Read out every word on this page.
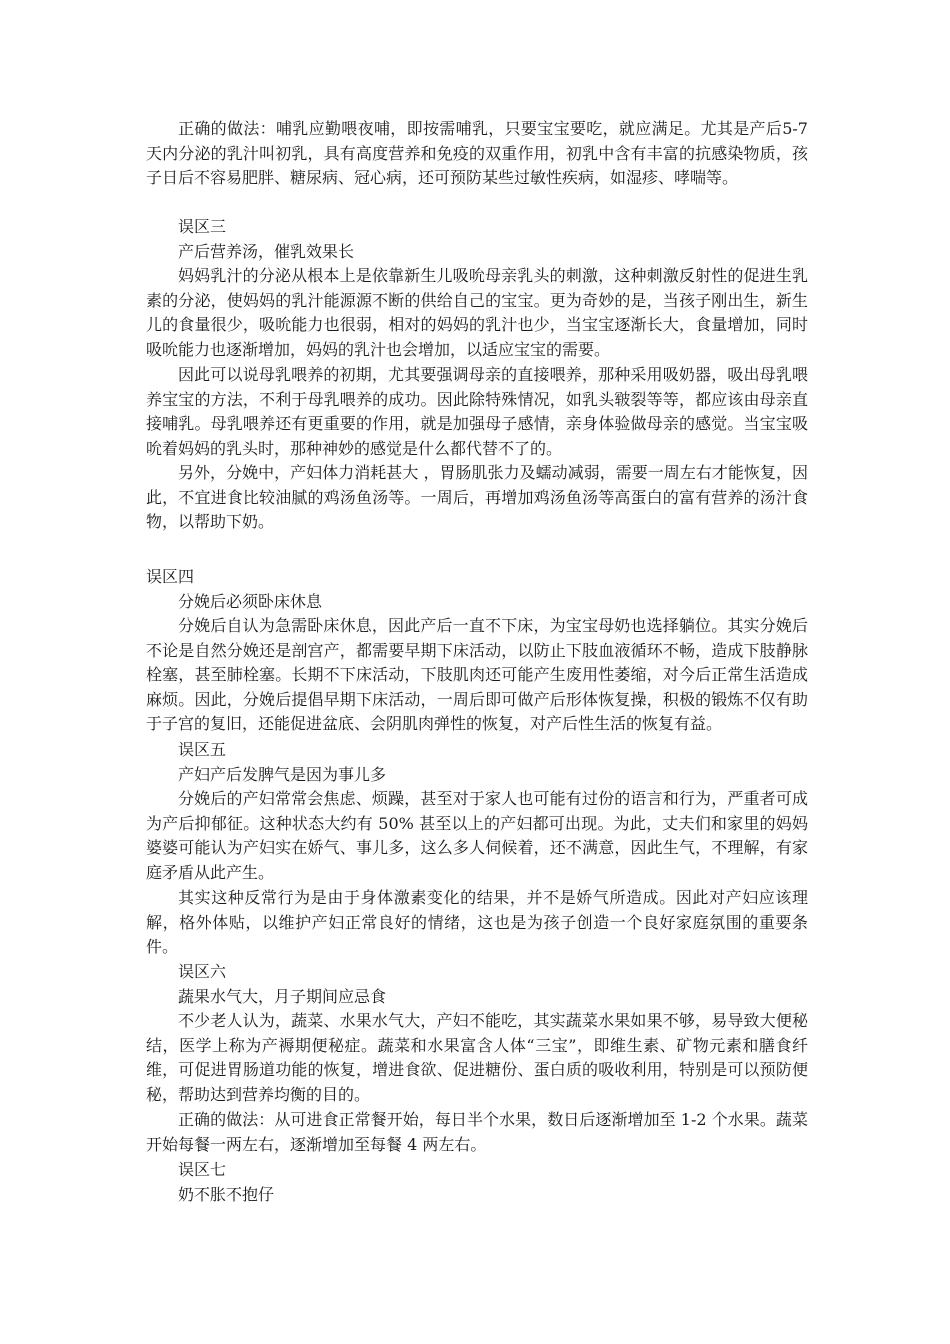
正确的做法：哺乳应勤喂夜哺，即按需哺乳，只要宝宝要吃，就应满足。尤其是产后5-7天内分泌的乳汁叫初乳，具有高度营养和免疫的双重作用，初乳中含有丰富的抗感染物质，孩子日后不容易肥胖、糖尿病、冠心病，还可预防某些过敏性疾病，如湿疹、哮喘等。

误区三

产后营养汤，催乳效果长

妈妈乳汁的分泌从根本上是依靠新生儿吸吮母亲乳头的刺激，这种刺激反射性的促进生乳素的分泌，使妈妈的乳汁能源源不断的供给自己的宝宝。更为奇妙的是，当孩子刚出生，新生儿的食量很少，吸吮能力也很弱，相对的妈妈的乳汁也少，当宝宝逐渐长大，食量增加，同时吸吮能力也逐渐增加，妈妈的乳汁也会增加，以适应宝宝的需要。

因此可以说母乳喂养的初期，尤其要强调母亲的直接喂养，那种采用吸奶器，吸出母乳喂养宝宝的方法，不利于母乳喂养的成功。因此除特殊情况，如乳头皲裂等等，都应该由母亲直接哺乳。母乳喂养还有更重要的作用，就是加强母子感情，亲身体验做母亲的感觉。当宝宝吸吮着妈妈的乳头时，那种神妙的感觉是什么都代替不了的。

另外，分娩中，产妇体力消耗甚大 ，胃肠肌张力及蠕动减弱，需要一周左右才能恢复，因此，不宜进食比较油腻的鸡汤鱼汤等。一周后，再增加鸡汤鱼汤等高蛋白的富有营养的汤汁食物，以帮助下奶。

误区四

分娩后必须卧床休息

分娩后自认为急需卧床休息，因此产后一直不下床，为宝宝母奶也选择躺位。其实分娩后不论是自然分娩还是剖宫产，都需要早期下床活动，以防止下肢血液循环不畅，造成下肢静脉栓塞，甚至肺栓塞。长期不下床活动，下肢肌肉还可能产生废用性萎缩，对今后正常生活造成麻烦。因此，分娩后提倡早期下床活动，一周后即可做产后形体恢复操，积极的锻炼不仅有助于子宫的复旧，还能促进盆底、会阴肌肉弹性的恢复，对产后性生活的恢复有益。

误区五

产妇产后发脾气是因为事儿多

分娩后的产妇常常会焦虑、烦躁，甚至对于家人也可能有过份的语言和行为，严重者可成为产后抑郁征。这种状态大约有 50% 甚至以上的产妇都可出现。为此，丈夫们和家里的妈妈婆婆可能认为产妇实在娇气、事儿多，这么多人伺候着，还不满意，因此生气，不理解，有家庭矛盾从此产生。

其实这种反常行为是由于身体激素变化的结果，并不是娇气所造成。因此对产妇应该理解，格外体贴，以维护产妇正常良好的情绪，这也是为孩子创造一个良好家庭氛围的重要条件。

误区六

蔬果水气大，月子期间应忌食

不少老人认为，蔬菜、水果水气大，产妇不能吃，其实蔬菜水果如果不够，易导致大便秘结，医学上称为产褥期便秘症。蔬菜和水果富含人体“三宝”，即维生素、矿物元素和膳食纤维，可促进胃肠道功能的恢复，增进食欲、促进糖份、蛋白质的吸收利用，特别是可以预防便秘，帮助达到营养均衡的目的。

正确的做法：从可进食正常餐开始，每日半个水果，数日后逐渐增加至 1-2 个水果。蔬菜开始每餐一两左右，逐渐增加至每餐 4 两左右。

误区七

奶不胀不抱仔
